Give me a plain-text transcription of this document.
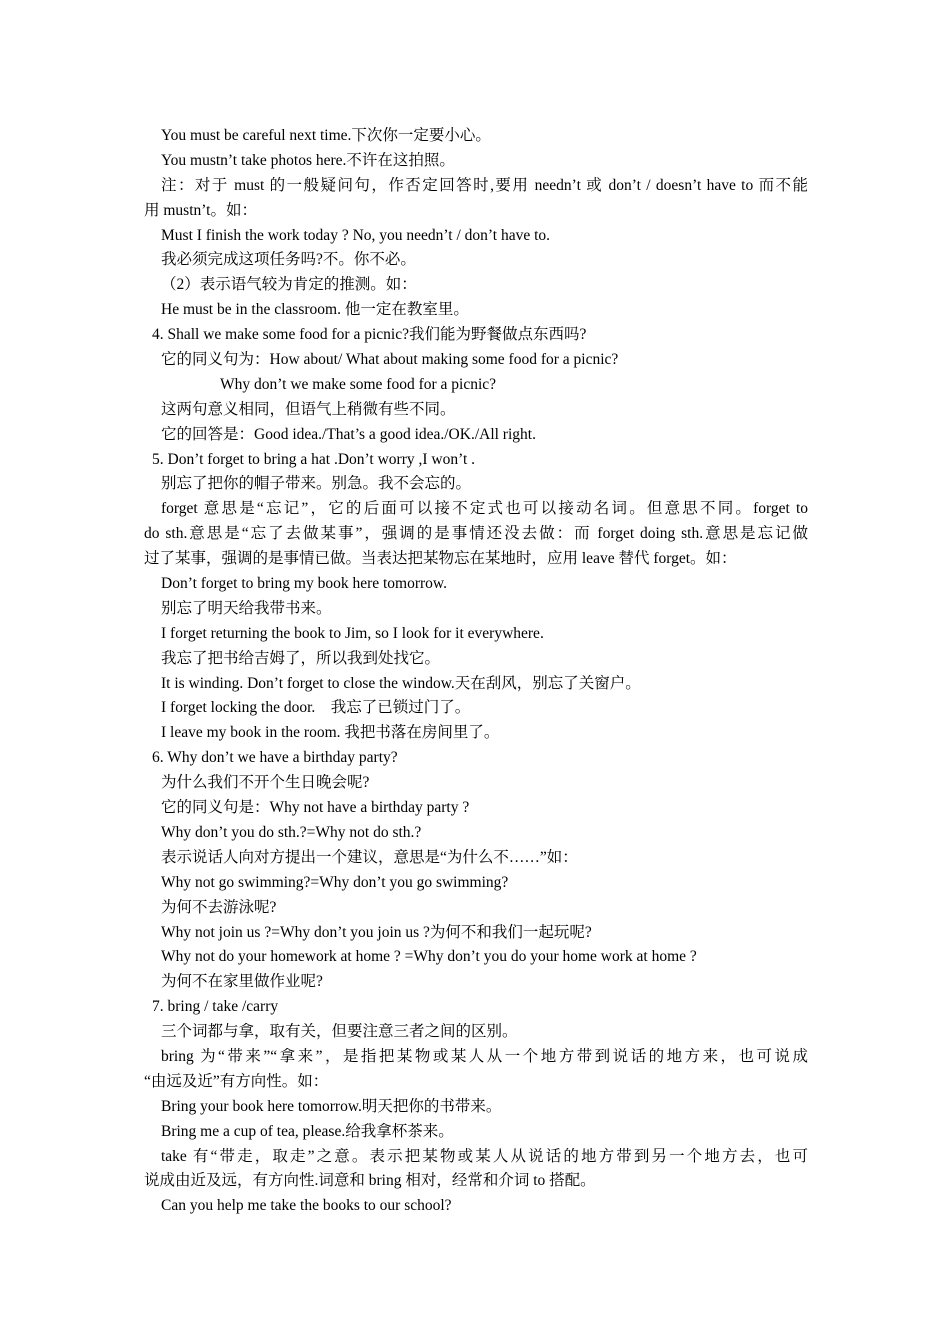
You must be careful next time.下次你一定要小心。
You mustn’t take photos here.不许在这拍照。
注：对于 must 的一般疑问句，作否定回答时,要用 needn’t 或 don’t / doesn’t have to 而不能
用 mustn’t。如：
Must I finish the work today ? No, you needn’t / don’t have to.
我必须完成这项任务吗?不。你不必。
（2）表示语气较为肯定的推测。如：
He must be in the classroom. 他一定在教室里。
4. Shall we make some food for a picnic?我们能为野餐做点东西吗?
它的同义句为：How about/ What about making some food for a picnic?
Why don’t we make some food for a picnic?
这两句意义相同，但语气上稍微有些不同。
它的回答是：Good idea./That’s a good idea./OK./All right.
5. Don’t forget to bring a hat .Don’t worry ,I won’t .
别忘了把你的帽子带来。别急。我不会忘的。
forget 意思是“忘记”，它的后面可以接不定式也可以接动名词。但意思不同。forget to
do sth.意思是“忘了去做某事”，强调的是事情还没去做：而 forget doing sth.意思是忘记做
过了某事，强调的是事情已做。当表达把某物忘在某地时，应用 leave 替代 forget。如：
Don’t forget to bring my book here tomorrow.
别忘了明天给我带书来。
I forget returning the book to Jim, so I look for it everywhere.
我忘了把书给吉姆了，所以我到处找它。
It is winding. Don’t forget to close the window.天在刮风，别忘了关窗户。
I forget locking the door.    我忘了已锁过门了。
I leave my book in the room. 我把书落在房间里了。
6. Why don’t we have a birthday party?
为什么我们不开个生日晚会呢?
它的同义句是：Why not have a birthday party ?
Why don’t you do sth.?=Why not do sth.?
表示说话人向对方提出一个建议，意思是“为什么不……”如：
Why not go swimming?=Why don’t you go swimming?
为何不去游泳呢?
Why not join us ?=Why don’t you join us ?为何不和我们一起玩呢?
Why not do your homework at home ? =Why don’t you do your home work at home ?
为何不在家里做作业呢?
7. bring / take /carry
三个词都与拿，取有关，但要注意三者之间的区别。
bring 为“带来”“拿来”，是指把某物或某人从一个地方带到说话的地方来，也可说成
“由远及近”有方向性。如：
Bring your book here tomorrow.明天把你的书带来。
Bring me a cup of tea, please.给我拿杯茶来。
take 有“带走，取走”之意。表示把某物或某人从说话的地方带到另一个地方去，也可
说成由近及远，有方向性.词意和 bring 相对，经常和介词 to 搭配。
Can you help me take the books to our school?
